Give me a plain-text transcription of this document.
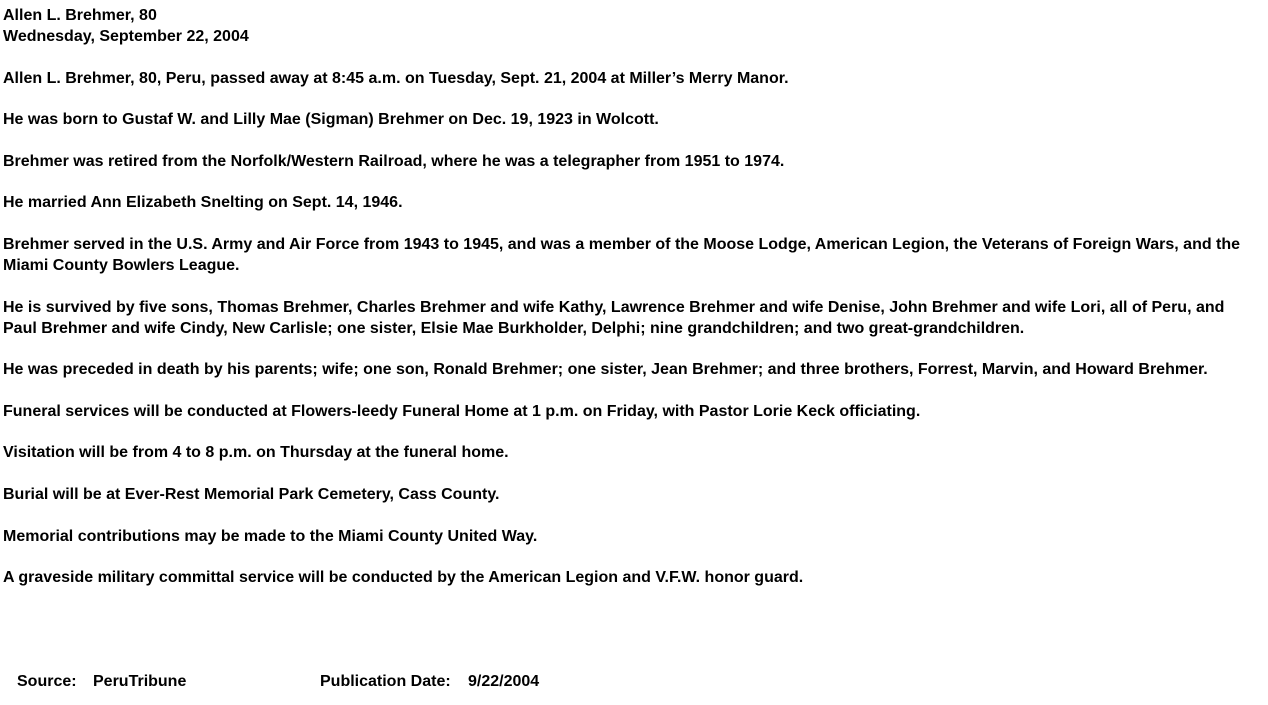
Allen L. Brehmer, 80

Wednesday, September 22, 2004

Allen L. Brehmer, 80, Peru, passed away at 8:45 a.m. on Tuesday, Sept. 21, 2004 at Miller’s Merry Manor.

He was born to Gustaf W. and Lilly Mae (Sigman) Brehmer on Dec. 19, 1923 in Wolcott.

Brehmer was retired from the Norfolk/Western Railroad, where he was a telegrapher from 1951 to 1974.

He married Ann Elizabeth Snelting on Sept. 14, 1946.

Brehmer served in the U.S. Army and Air Force from 1943 to 1945, and was a member of the Moose Lodge, American Legion, the Veterans of Foreign Wars, and the Miami County Bowlers League.

He is survived by five sons, Thomas Brehmer, Charles Brehmer and wife Kathy, Lawrence Brehmer and wife Denise, John Brehmer and wife Lori, all of Peru, and Paul Brehmer and wife Cindy, New Carlisle; one sister, Elsie Mae Burkholder, Delphi; nine grandchildren; and two great-grandchildren.

He was preceded in death by his parents; wife; one son, Ronald Brehmer; one sister, Jean Brehmer; and three brothers, Forrest, Marvin, and Howard Brehmer.

Funeral services will be conducted at Flowers-leedy Funeral Home at 1 p.m. on Friday, with Pastor Lorie Keck officiating.

Visitation will be from 4 to 8 p.m. on Thursday at the funeral home.

Burial will be at Ever-Rest Memorial Park Cemetery, Cass County.

Memorial contributions may be made to the Miami County United Way.

A graveside military committal service will be conducted by the American Legion and V.F.W. honor guard.

Source: PeruTribune	Publication Date: 9/22/2004
